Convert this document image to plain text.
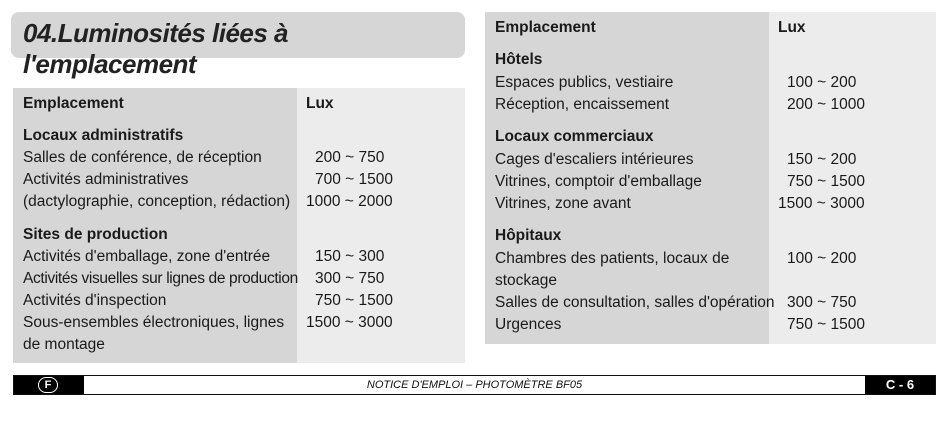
04.Luminosités liées à l'emplacement
Emplacement	Lux
Locaux administratifs
Salles de conférence, de réception	200 ~ 750
Activités administratives	700 ~ 1500
(dactylographie, conception, rédaction) 1000 ~ 2000
Sites de production
Activités d'emballage, zone d'entrée	150 ~ 300
Activités visuelles sur lignes de production 300 ~ 750
Activités d'inspection	750 ~ 1500
Sous-ensembles électroniques, lignes 1500 ~ 3000
de montage
Emplacement	Lux
Hôtels
Espaces publics, vestiaire	100 ~ 200
Réception, encaissement	200 ~ 1000
Locaux commerciaux
Cages d'escaliers intérieures	150 ~ 200
Vitrines, comptoir d'emballage	750 ~ 1500
Vitrines, zone avant	1500 ~ 3000
Hôpitaux
Chambres des patients, locaux de	100 ~ 200
stockage
Salles de consultation, salles d'opération 300 ~ 750
Urgences	750 ~ 1500
F	NOTICE D'EMPLOI – PHOTOMÈTRE BF05	C - 6
